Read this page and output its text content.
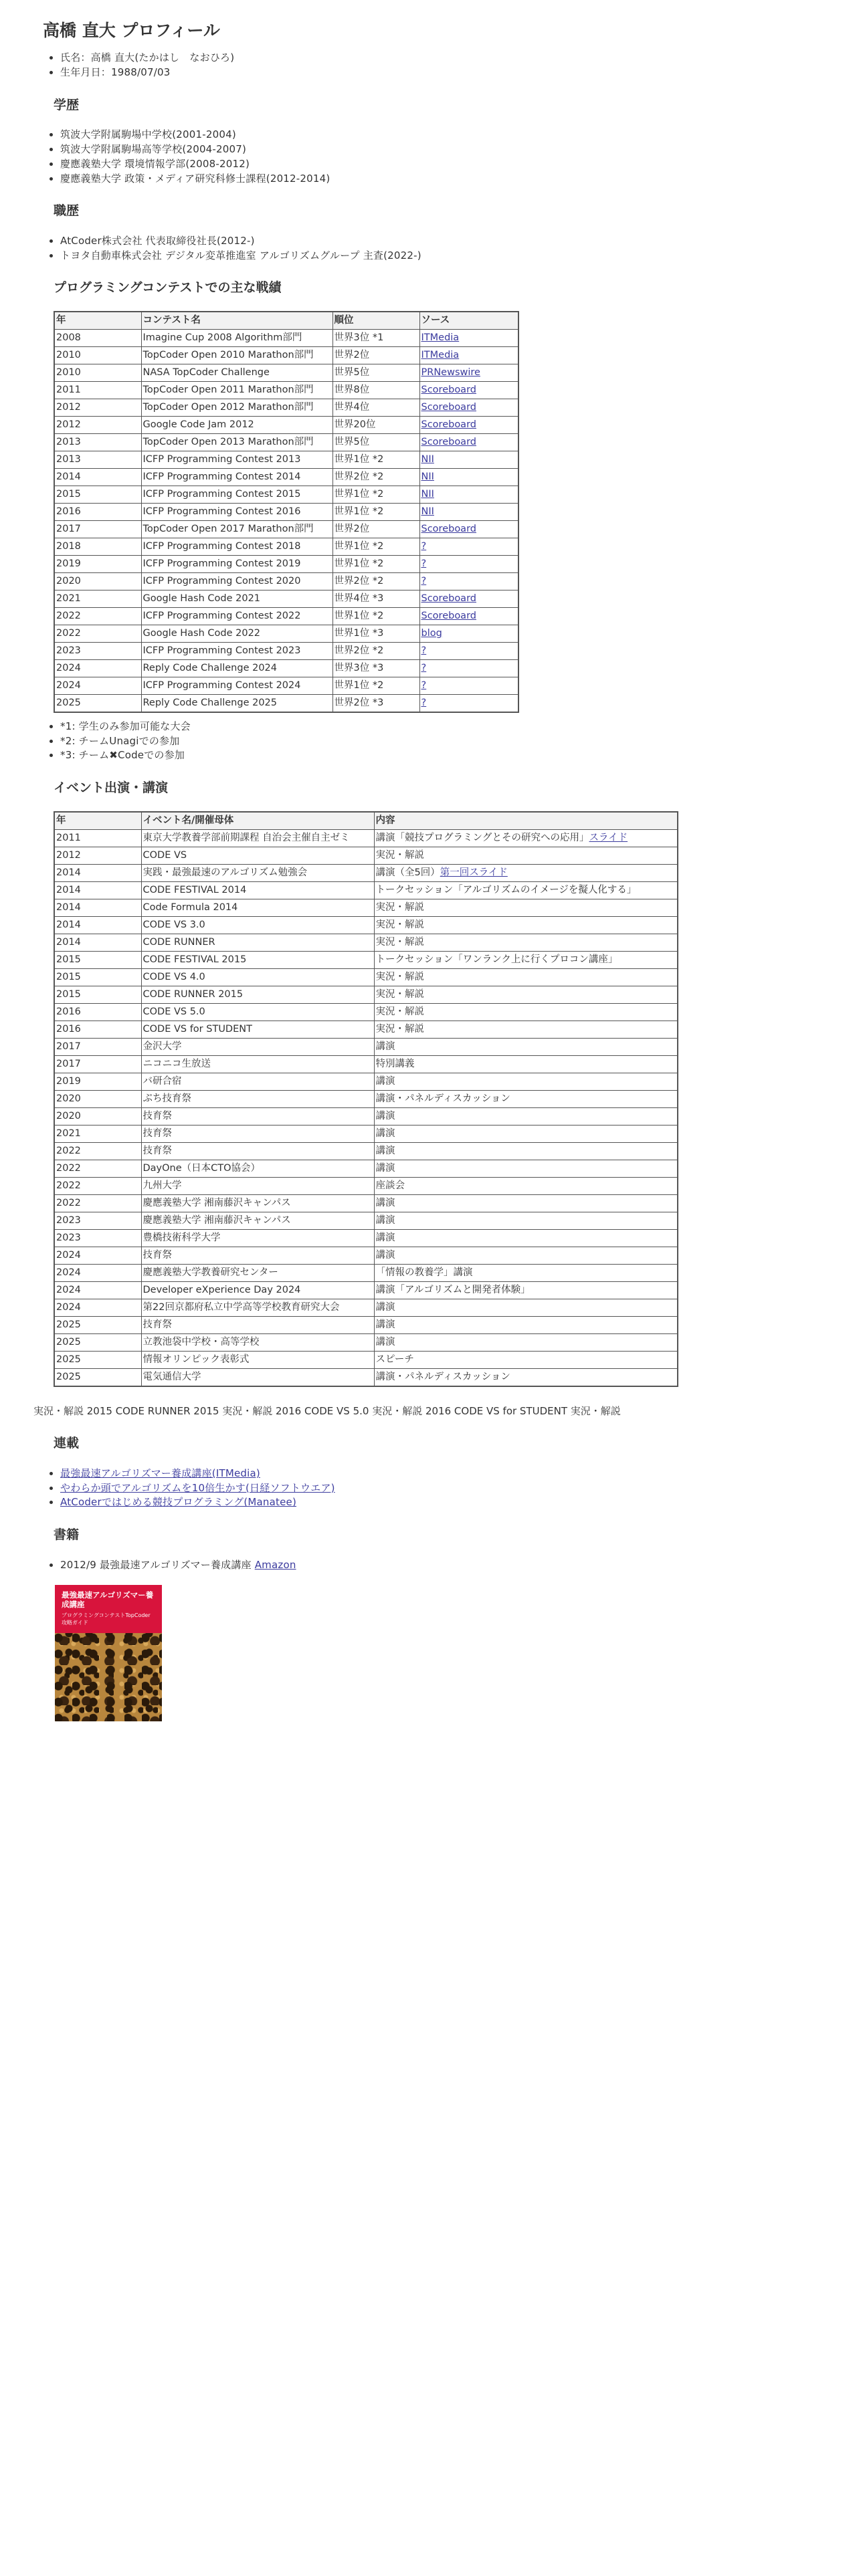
高橋 直大 プロフィール
• 氏名：高橋 直大(たかはし　なおひろ)
• 生年月日：1988/07/03
学歴
• 筑波大学附属駒場中学校(2001-2004)
• 筑波大学附属駒場高等学校(2004-2007)
• 慶應義塾大学 環境情報学部(2008-2012)
• 慶應義塾大学 政策・メディア研究科修士課程(2012-2014)
職歴
• AtCoder株式会社 代表取締役社長(2012-)
• トヨタ自動車株式会社 デジタル変革推進室 アルゴリズムグループ 主査(2022-)
プログラミングコンテストでの主な戦績
年	コンテスト名	順位	ソース
2008	Imagine Cup 2008 Algorithm部門	世界3位 *1	ITMedia
2010	TopCoder Open 2010 Marathon部門	世界2位	ITMedia
2010	NASA TopCoder Challenge	世界5位	PRNewswire
2011	TopCoder Open 2011 Marathon部門	世界8位	Scoreboard
2012	TopCoder Open 2012 Marathon部門	世界4位	Scoreboard
2012	Google Code Jam 2012	世界20位	Scoreboard
2013	TopCoder Open 2013 Marathon部門	世界5位	Scoreboard
2013	ICFP Programming Contest 2013	世界1位 *2	NII
2014	ICFP Programming Contest 2014	世界2位 *2	NII
2015	ICFP Programming Contest 2015	世界1位 *2	NII
2016	ICFP Programming Contest 2016	世界1位 *2	NII
2017	TopCoder Open 2017 Marathon部門	世界2位	Scoreboard
2018	ICFP Programming Contest 2018	世界1位 *2	?
2019	ICFP Programming Contest 2019	世界1位 *2	?
2020	ICFP Programming Contest 2020	世界2位 *2	?
2021	Google Hash Code 2021	世界4位 *3	Scoreboard
2022	ICFP Programming Contest 2022	世界1位 *2	Scoreboard
2022	Google Hash Code 2022	世界1位 *3	blog
2023	ICFP Programming Contest 2023	世界2位 *2	?
2024	Reply Code Challenge 2024	世界3位 *3	?
2024	ICFP Programming Contest 2024	世界1位 *2	?
2025	Reply Code Challenge 2025	世界2位 *3	?
• *1: 学生のみ参加可能な大会
• *2: チームUnagiでの参加
• *3: チーム✖Codeでの参加
イベント出演・講演
年	イベント名/開催母体	内容
2011	東京大学教養学部前期課程 自治会主催自主ゼミ	講演「競技プログラミングとその研究への応用」スライド
2012	CODE VS	実況・解説
2014	実践・最強最速のアルゴリズム勉強会	講演（全5回）第一回スライド
2014	CODE FESTIVAL 2014	トークセッション「アルゴリズムのイメージを擬人化する」
2014	Code Formula 2014	実況・解説
2014	CODE VS 3.0	実況・解説
2014	CODE RUNNER	実況・解説
2015	CODE FESTIVAL 2015	トークセッション「ワンランク上に行くプロコン講座」
2015	CODE VS 4.0	実況・解説
2015	CODE RUNNER 2015	実況・解説
2016	CODE VS 5.0	実況・解説
2016	CODE VS for STUDENT	実況・解説
2017	金沢大学	講演
2017	ニコニコ生放送	特別講義
2019	バ研合宿	講演
2020	ぷち技育祭	講演・パネルディスカッション
2020	技育祭	講演
2021	技育祭	講演
2022	技育祭	講演
2022	DayOne（日本CTO協会）	講演
2022	九州大学	座談会
2022	慶應義塾大学 湘南藤沢キャンパス	講演
2023	慶應義塾大学 湘南藤沢キャンパス	講演
2023	豊橋技術科学大学	講演
2024	技育祭	講演
2024	慶應義塾大学教養研究センター	「情報の教養学」講演
2024	Developer eXperience Day 2024	講演「アルゴリズムと開発者体験」
2024	第22回京都府私立中学高等学校教育研究大会	講演
2025	技育祭	講演
2025	立教池袋中学校・高等学校	講演
2025	情報オリンピック表彰式	スピーチ
2025	電気通信大学	講演・パネルディスカッション
実況・解説 2015 CODE RUNNER 2015 実況・解説 2016 CODE VS 5.0 実況・解説 2016 CODE VS for STUDENT 実況・解説
連載
• 最強最速アルゴリズマー養成講座(ITMedia)
• やわらか頭でアルゴリズムを10倍生かす(日経ソフトウエア)
• AtCoderではじめる競技プログラミング(Manatee)
書籍
• 2012/9 最強最速アルゴリズマー養成講座 Amazon
最強最速アルゴリズマー養成講座
プログラミングコンテストTopCoder攻略ガイド
